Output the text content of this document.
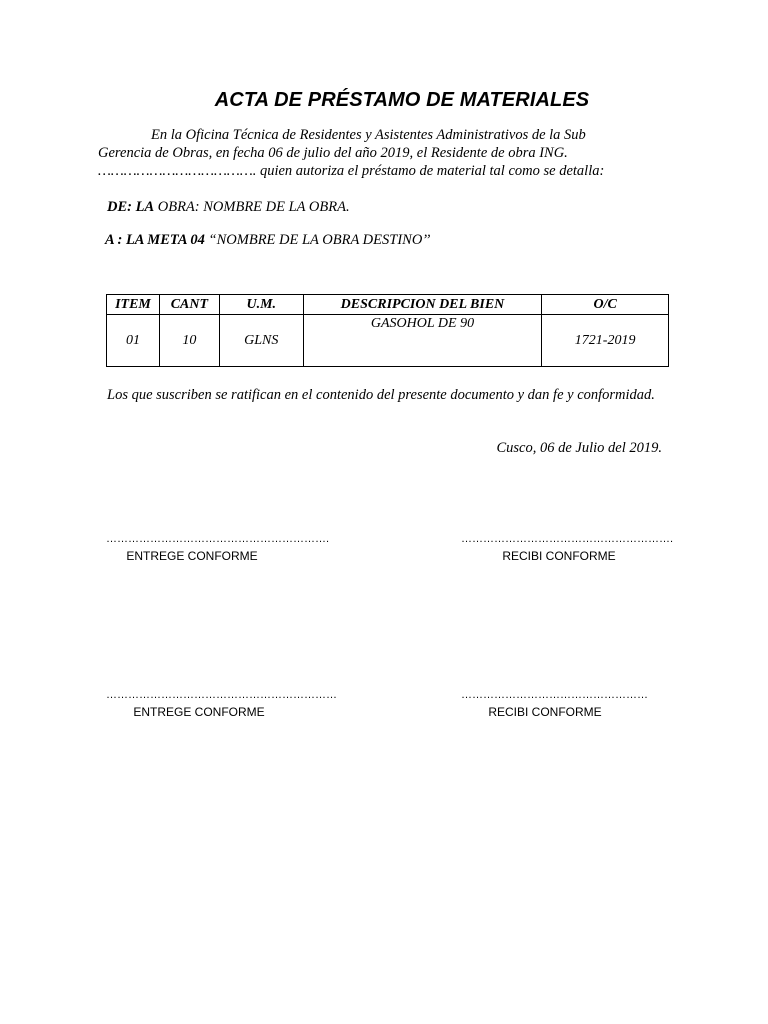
ACTA DE PRÉSTAMO DE MATERIALES

En la Oficina Técnica de Residentes y Asistentes Administrativos de la Sub
Gerencia de Obras, en fecha 06 de julio del año 2019, el Residente de obra ING.
………………………………. quien autoriza el préstamo de material tal como se detalla:

DE: LA OBRA: NOMBRE DE LA OBRA.
A : LA META 04 “NOMBRE DE LA OBRA DESTINO’’
ITEM	CANT	U.M.	DESCRIPCION DEL BIEN	O/C
01	10	GLNS	GASOHOL DE 90	1721-2019

Los que suscriben se ratifican en el contenido del presente documento y dan fe y conformidad.

Cusco, 06 de Julio del 2019.
…………………………………………………….
ENTREGE CONFORME
………………………………………………….
RECIBI CONFORME
………………………………………………………
ENTREGE CONFORME
……………………………………………
RECIBI CONFORME
